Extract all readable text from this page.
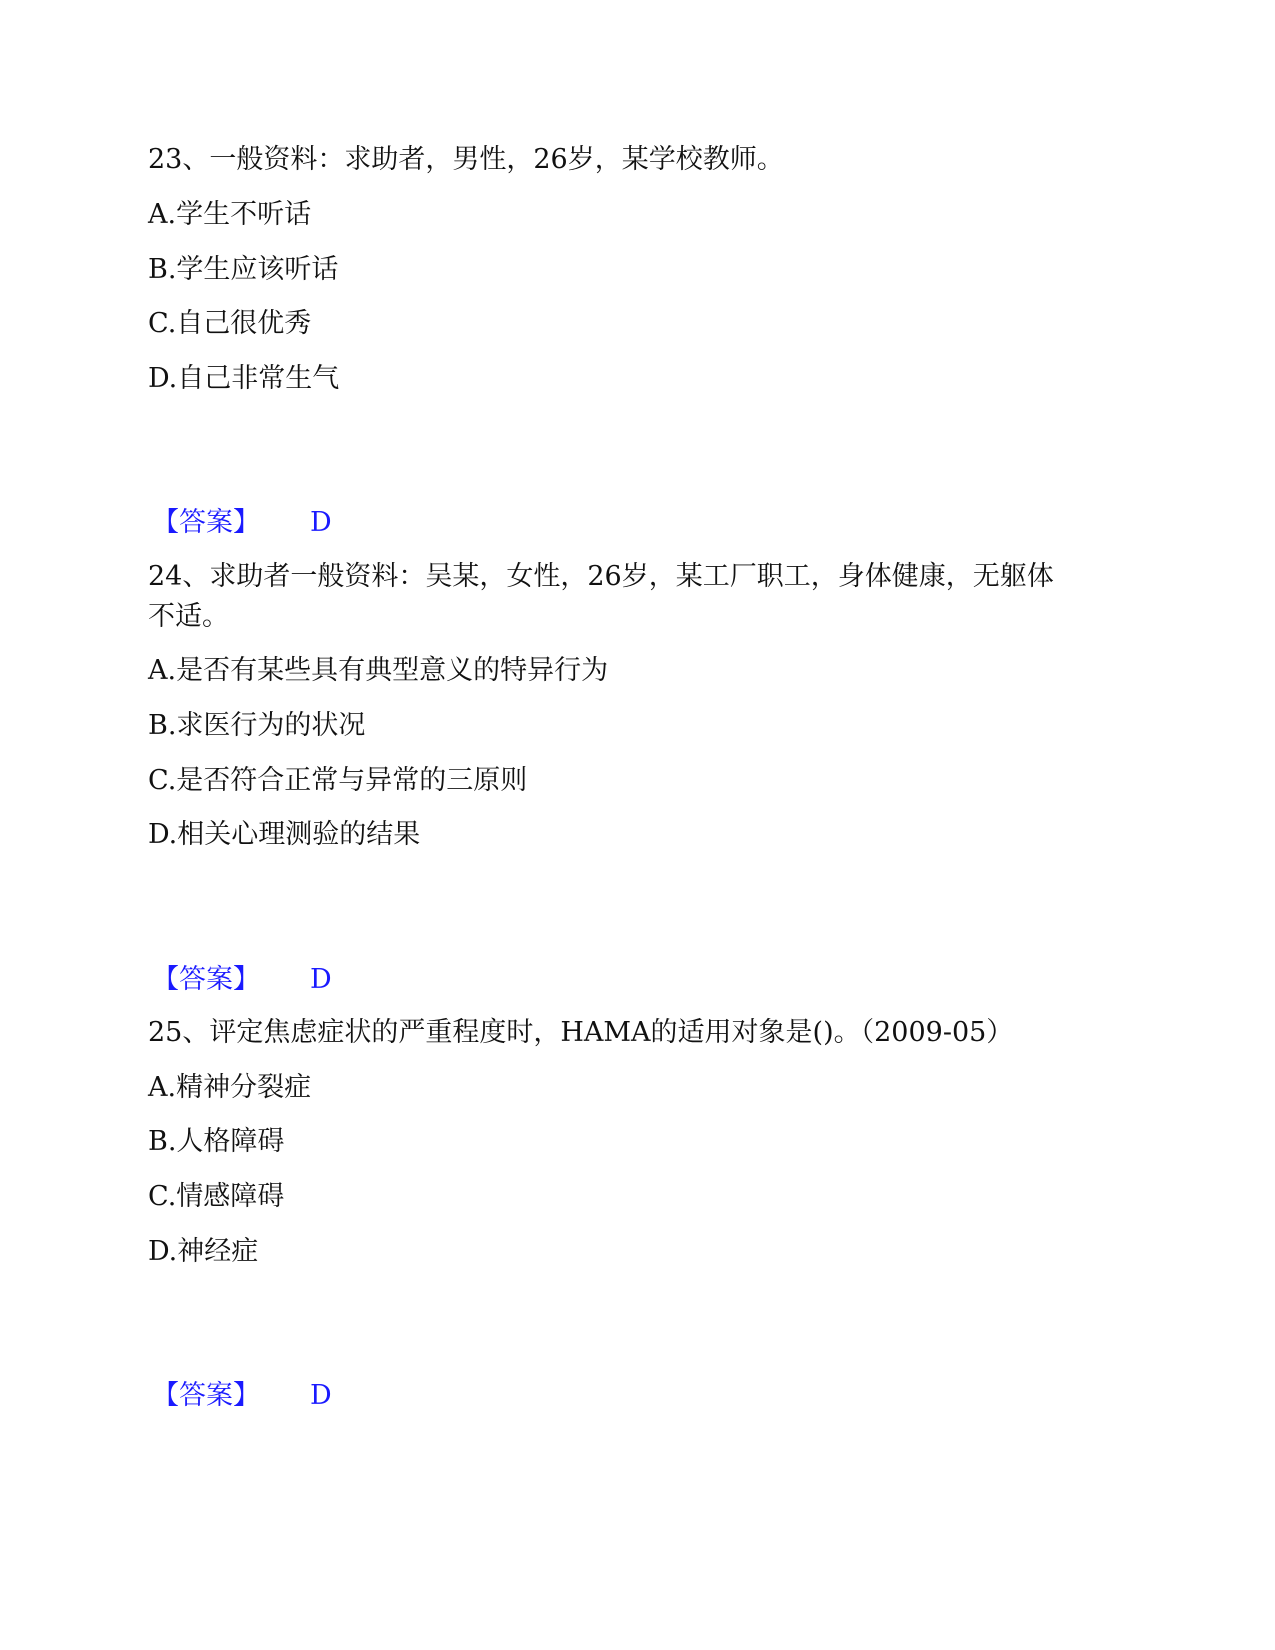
23、一般资料：求助者，男性，26岁，某学校教师。
A.学生不听话
B.学生应该听话
C.自己很优秀
D.自己非常生气
【答案】 D
24、求助者一般资料：吴某，女性，26岁，某工厂职工，身体健康，无躯体
不适。
A.是否有某些具有典型意义的特异行为
B.求医行为的状况
C.是否符合正常与异常的三原则
D.相关心理测验的结果
【答案】 D
25、评定焦虑症状的严重程度时，HAMA的适用对象是()。（2009-05）
A.精神分裂症
B.人格障碍
C.情感障碍
D.神经症
【答案】 D
